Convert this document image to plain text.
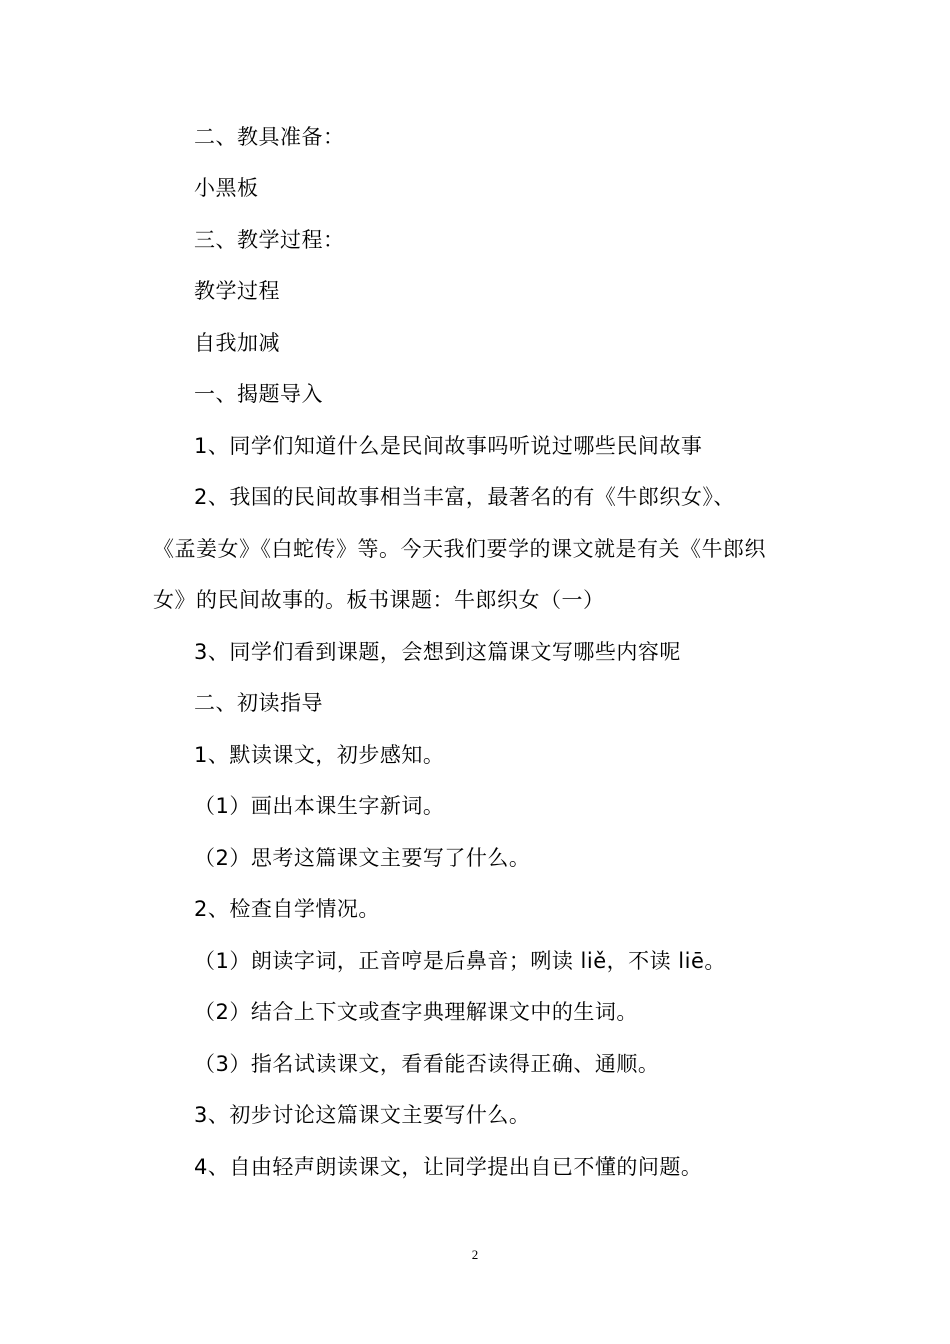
二、教具准备：
小黑板
三、教学过程：
教学过程
自我加减
一、揭题导入
1、同学们知道什么是民间故事吗听说过哪些民间故事
2、我国的民间故事相当丰富，最著名的有《牛郎织女》、
《孟姜女》《白蛇传》等。今天我们要学的课文就是有关《牛郎织
女》的民间故事的。板书课题：牛郎织女（一）
3、同学们看到课题，会想到这篇课文写哪些内容呢
二、初读指导
1、默读课文，初步感知。
（1）画出本课生字新词。
（2）思考这篇课文主要写了什么。
2、检查自学情况。
（1）朗读字词，正音哼是后鼻音；咧读 liě，不读 liē。
（2）结合上下文或查字典理解课文中的生词。
（3）指名试读课文，看看能否读得正确、通顺。
3、初步讨论这篇课文主要写什么。
4、自由轻声朗读课文，让同学提出自已不懂的问题。
2
